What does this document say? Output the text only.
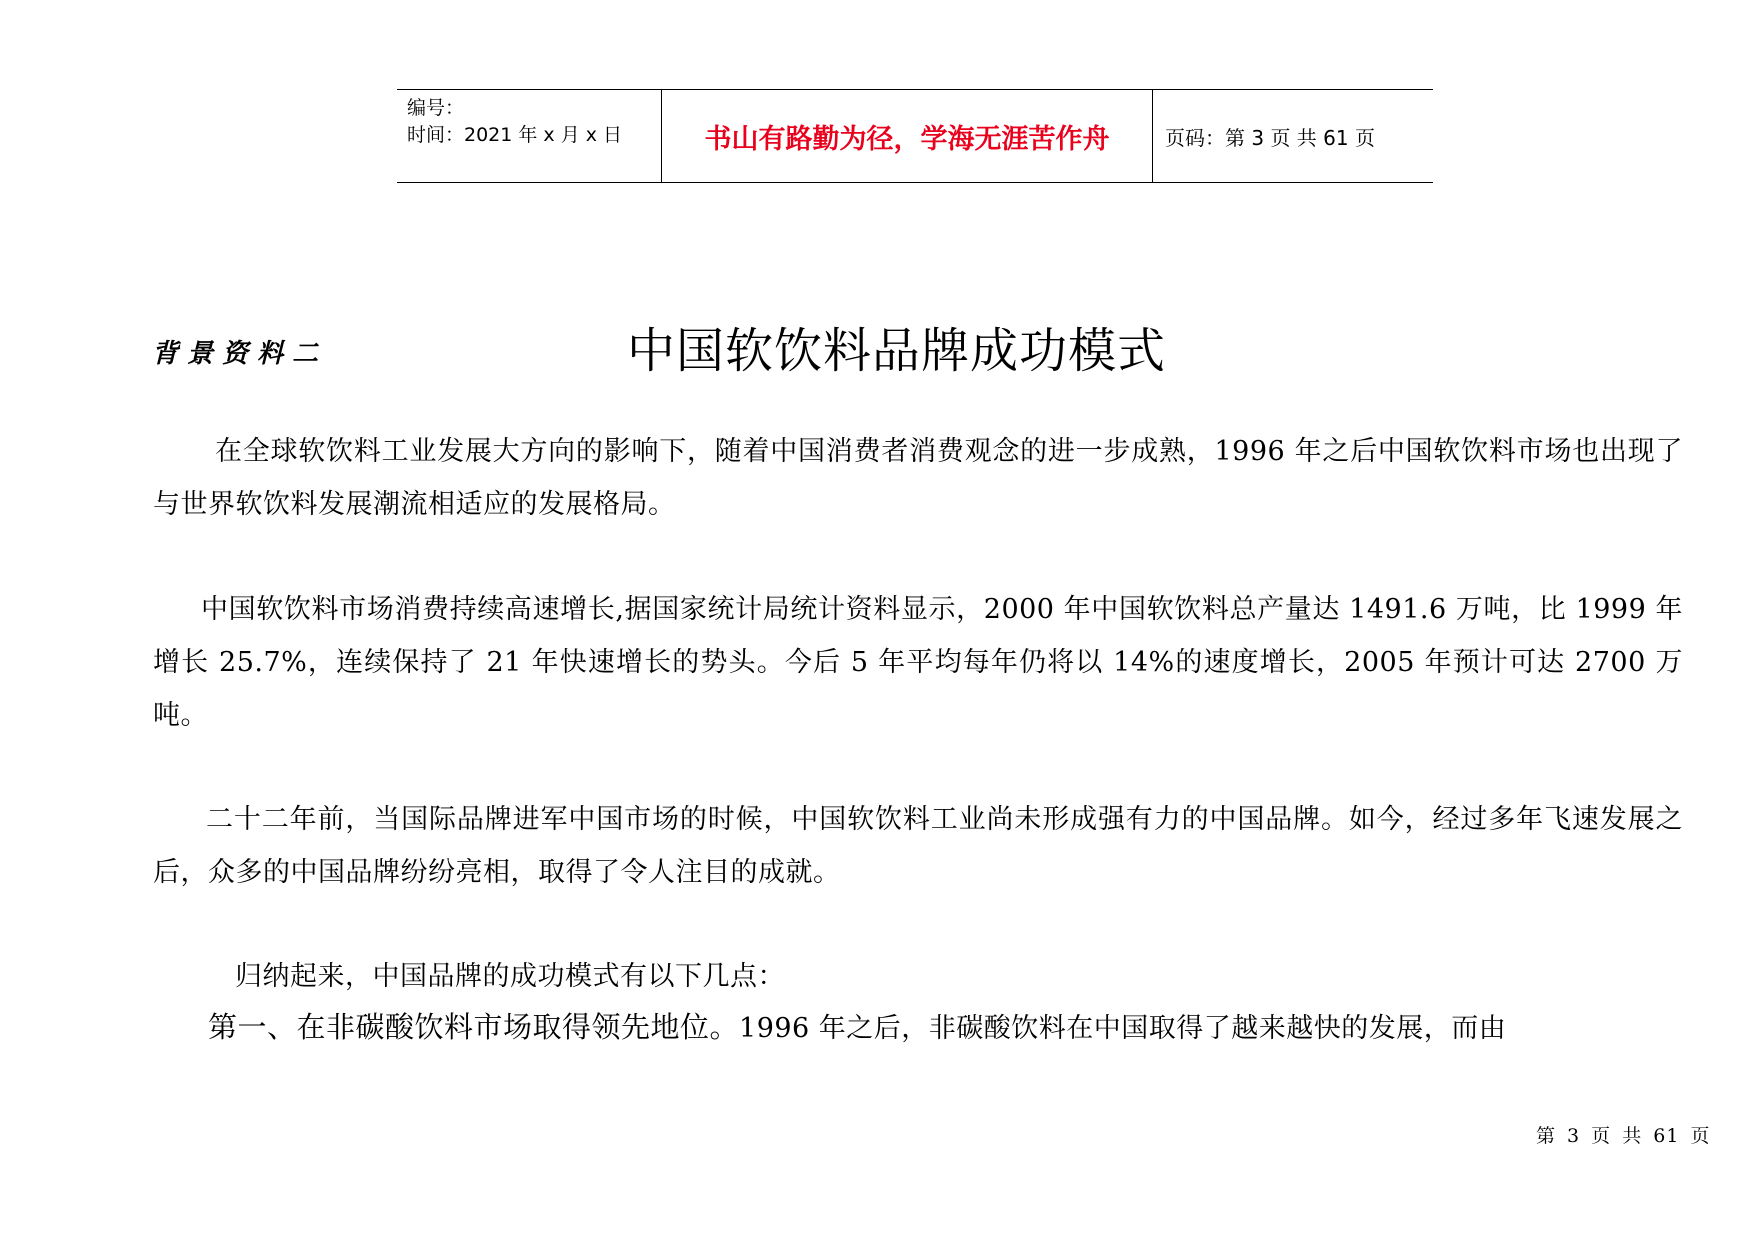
编号：
时间：2021 年 x 月 x 日	书山有路勤为径，学海无涯苦作舟	页码：第 3 页 共 61 页
背景资料二	中国软饮料品牌成功模式
在全球软饮料工业发展大方向的影响下，随着中国消费者消费观念的进一步成熟，1996 年之后中国软饮料市场也出现了与世界软饮料发展潮流相适应的发展格局。
中国软饮料市场消费持续高速增长,据国家统计局统计资料显示，2000 年中国软饮料总产量达 1491.6 万吨，比 1999 年增长 25.7%，连续保持了 21 年快速增长的势头。今后 5 年平均每年仍将以 14%的速度增长，2005 年预计可达 2700 万吨。
二十二年前，当国际品牌进军中国市场的时候，中国软饮料工业尚未形成强有力的中国品牌。如今，经过多年飞速发展之后，众多的中国品牌纷纷亮相，取得了令人注目的成就。
归纳起来，中国品牌的成功模式有以下几点：
第一、在非碳酸饮料市场取得领先地位。1996 年之后，非碳酸饮料在中国取得了越来越快的发展，而由
第 3 页 共 61 页
